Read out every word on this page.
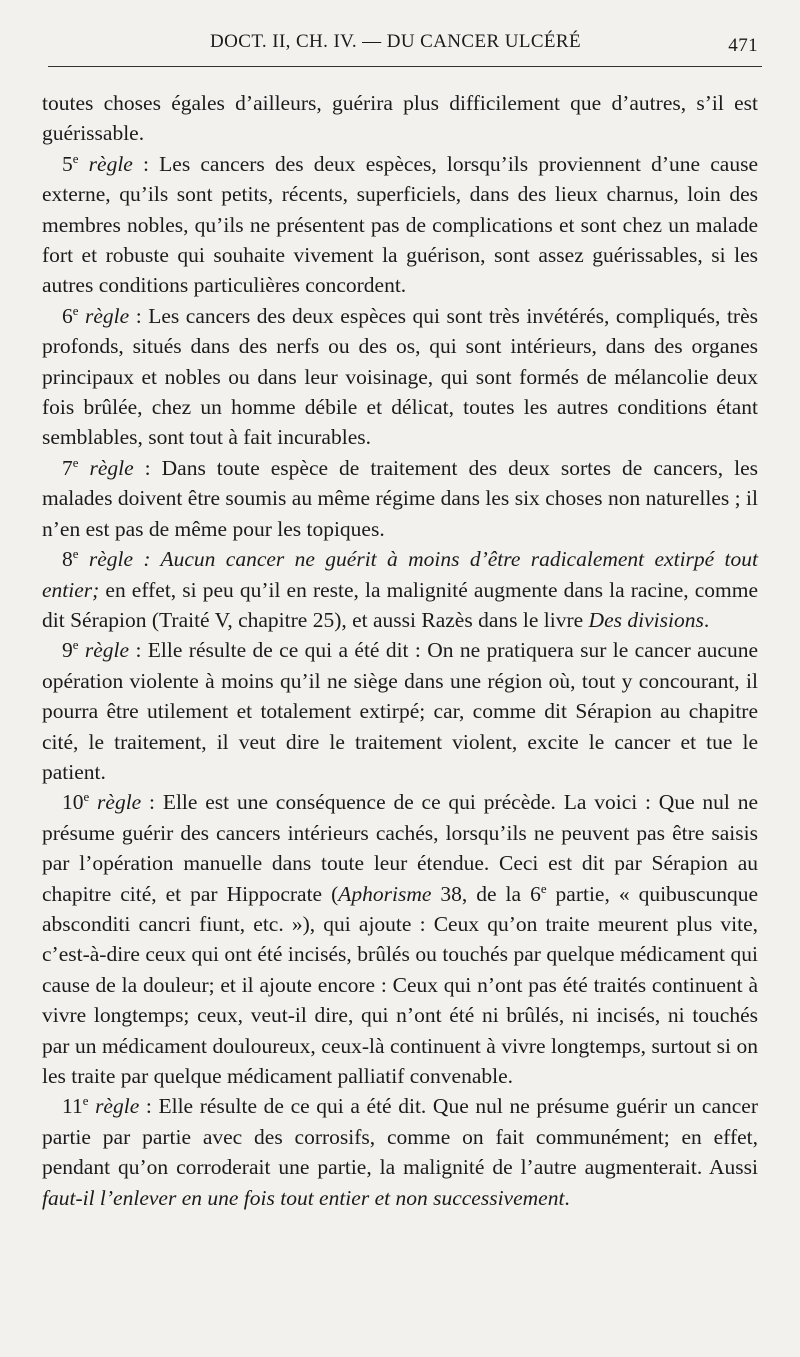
DOCT. II, CH. IV. — DU CANCER ULCÉRÉ	471

toutes choses égales d’ailleurs, guérira plus difficilement que d’autres, s’il est guérissable.

5e règle : Les cancers des deux espèces, lorsqu’ils proviennent d’une cause externe, qu’ils sont petits, récents, superficiels, dans des lieux charnus, loin des membres nobles, qu’ils ne présentent pas de complications et sont chez un malade fort et robuste qui souhaite vivement la guérison, sont assez guérissables, si les autres conditions particulières concordent.

6e règle : Les cancers des deux espèces qui sont très invétérés, compliqués, très profonds, situés dans des nerfs ou des os, qui sont intérieurs, dans des organes principaux et nobles ou dans leur voisinage, qui sont formés de mélancolie deux fois brûlée, chez un homme débile et délicat, toutes les autres conditions étant semblables, sont tout à fait incurables.

7e règle : Dans toute espèce de traitement des deux sortes de cancers, les malades doivent être soumis au même régime dans les six choses non naturelles ; il n’en est pas de même pour les topiques.

8e règle : Aucun cancer ne guérit à moins d’être radicalement extirpé tout entier; en effet, si peu qu’il en reste, la malignité augmente dans la racine, comme dit Sérapion (Traité V, chapitre 25), et aussi Razès dans le livre Des divisions.

9e règle : Elle résulte de ce qui a été dit : On ne pratiquera sur le cancer aucune opération violente à moins qu’il ne siège dans une région où, tout y concourant, il pourra être utilement et totalement extirpé; car, comme dit Sérapion au chapitre cité, le traitement, il veut dire le traitement violent, excite le cancer et tue le patient.

10e règle : Elle est une conséquence de ce qui précède. La voici : Que nul ne présume guérir des cancers intérieurs cachés, lorsqu’ils ne peuvent pas être saisis par l’opération manuelle dans toute leur étendue. Ceci est dit par Sérapion au chapitre cité, et par Hippocrate (Aphorisme 38, de la 6e partie, « quibuscunque absconditi cancri fiunt, etc. »), qui ajoute : Ceux qu’on traite meurent plus vite, c’est-à-dire ceux qui ont été incisés, brûlés ou touchés par quelque médicament qui cause de la douleur; et il ajoute encore : Ceux qui n’ont pas été traités continuent à vivre longtemps; ceux, veut-il dire, qui n’ont été ni brûlés, ni incisés, ni touchés par un médicament douloureux, ceux-là continuent à vivre longtemps, surtout si on les traite par quelque médicament palliatif convenable.

11e règle : Elle résulte de ce qui a été dit. Que nul ne présume guérir un cancer partie par partie avec des corrosifs, comme on fait communément; en effet, pendant qu’on corroderait une partie, la malignité de l’autre augmenterait. Aussi faut-il l’enlever en une fois tout entier et non successivement.
